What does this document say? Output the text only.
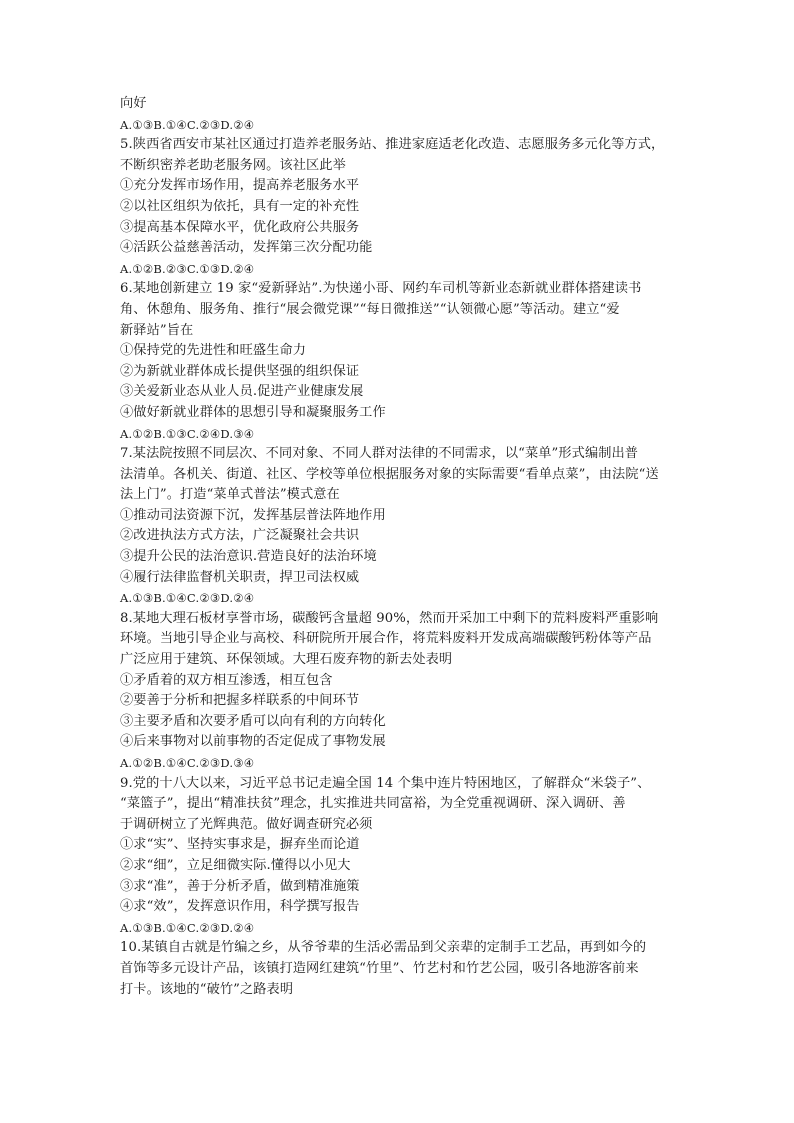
向好
A.①③B.①④C.②③D.②④
5.陕西省西安市某社区通过打造养老服务站、推进家庭适老化改造、志愿服务多元化等方式，
不断织密养老助老服务网。该社区此举
①充分发挥市场作用，提高养老服务水平
②以社区组织为依托，具有一定的补充性
③提高基本保障水平，优化政府公共服务
④活跃公益慈善活动，发挥第三次分配功能
A.①②B.②③C.①③D.②④
6.某地创新建立 19 家“爱新驿站”.为快递小哥、网约车司机等新业态新就业群体搭建读书
角、休憩角、服务角、推行“展会微党课”“每日微推送”“认领微心愿”等活动。建立“爱
新驿站”旨在
①保持党的先进性和旺盛生命力
②为新就业群体成长提供坚强的组织保证
③关爱新业态从业人员.促进产业健康发展
④做好新就业群体的思想引导和凝聚服务工作
A.①②B.①③C.②④D.③④
7.某法院按照不同层次、不同对象、不同人群对法律的不同需求，以“菜单”形式编制出普
法清单。各机关、街道、社区、学校等单位根据服务对象的实际需要“看单点菜”，由法院“送
法上门”。打造“菜单式普法”模式意在
①推动司法资源下沉，发挥基层普法阵地作用
②改进执法方式方法，广泛凝聚社会共识
③提升公民的法治意识.营造良好的法治环境
④履行法律监督机关职责，捍卫司法权威
A.①③B.①④C.②③D.②④
8.某地大理石板材享誉市场，碳酸钙含量超 90%，然而开采加工中剩下的荒料废料严重影响
环境。当地引导企业与高校、科研院所开展合作，将荒料废料开发成高端碳酸钙粉体等产品
广泛应用于建筑、环保领域。大理石废弃物的新去处表明
①矛盾着的双方相互渗透，相互包含
②要善于分析和把握多样联系的中间环节
③主要矛盾和次要矛盾可以向有利的方向转化
④后来事物对以前事物的否定促成了事物发展
A.①②B.①④C.②③D.③④
9.党的十八大以来，习近平总书记走遍全国 14 个集中连片特困地区，了解群众“米袋子”、
“菜篮子”，提出“精准扶贫”理念，扎实推进共同富裕，为全党重视调研、深入调研、善
于调研树立了光辉典范。做好调查研究必须
①求“实”、坚持实事求是，摒弃坐而论道
②求“细”，立足细微实际.懂得以小见大
③求“准”，善于分析矛盾，做到精准施策
④求“效”，发挥意识作用，科学撰写报告
A.①③B.①④C.②③D.②④
10.某镇自古就是竹编之乡，从爷爷辈的生活必需品到父亲辈的定制手工艺品，再到如今的
首饰等多元设计产品，该镇打造网红建筑“竹里”、竹艺村和竹艺公园，吸引各地游客前来
打卡。该地的“破竹”之路表明
